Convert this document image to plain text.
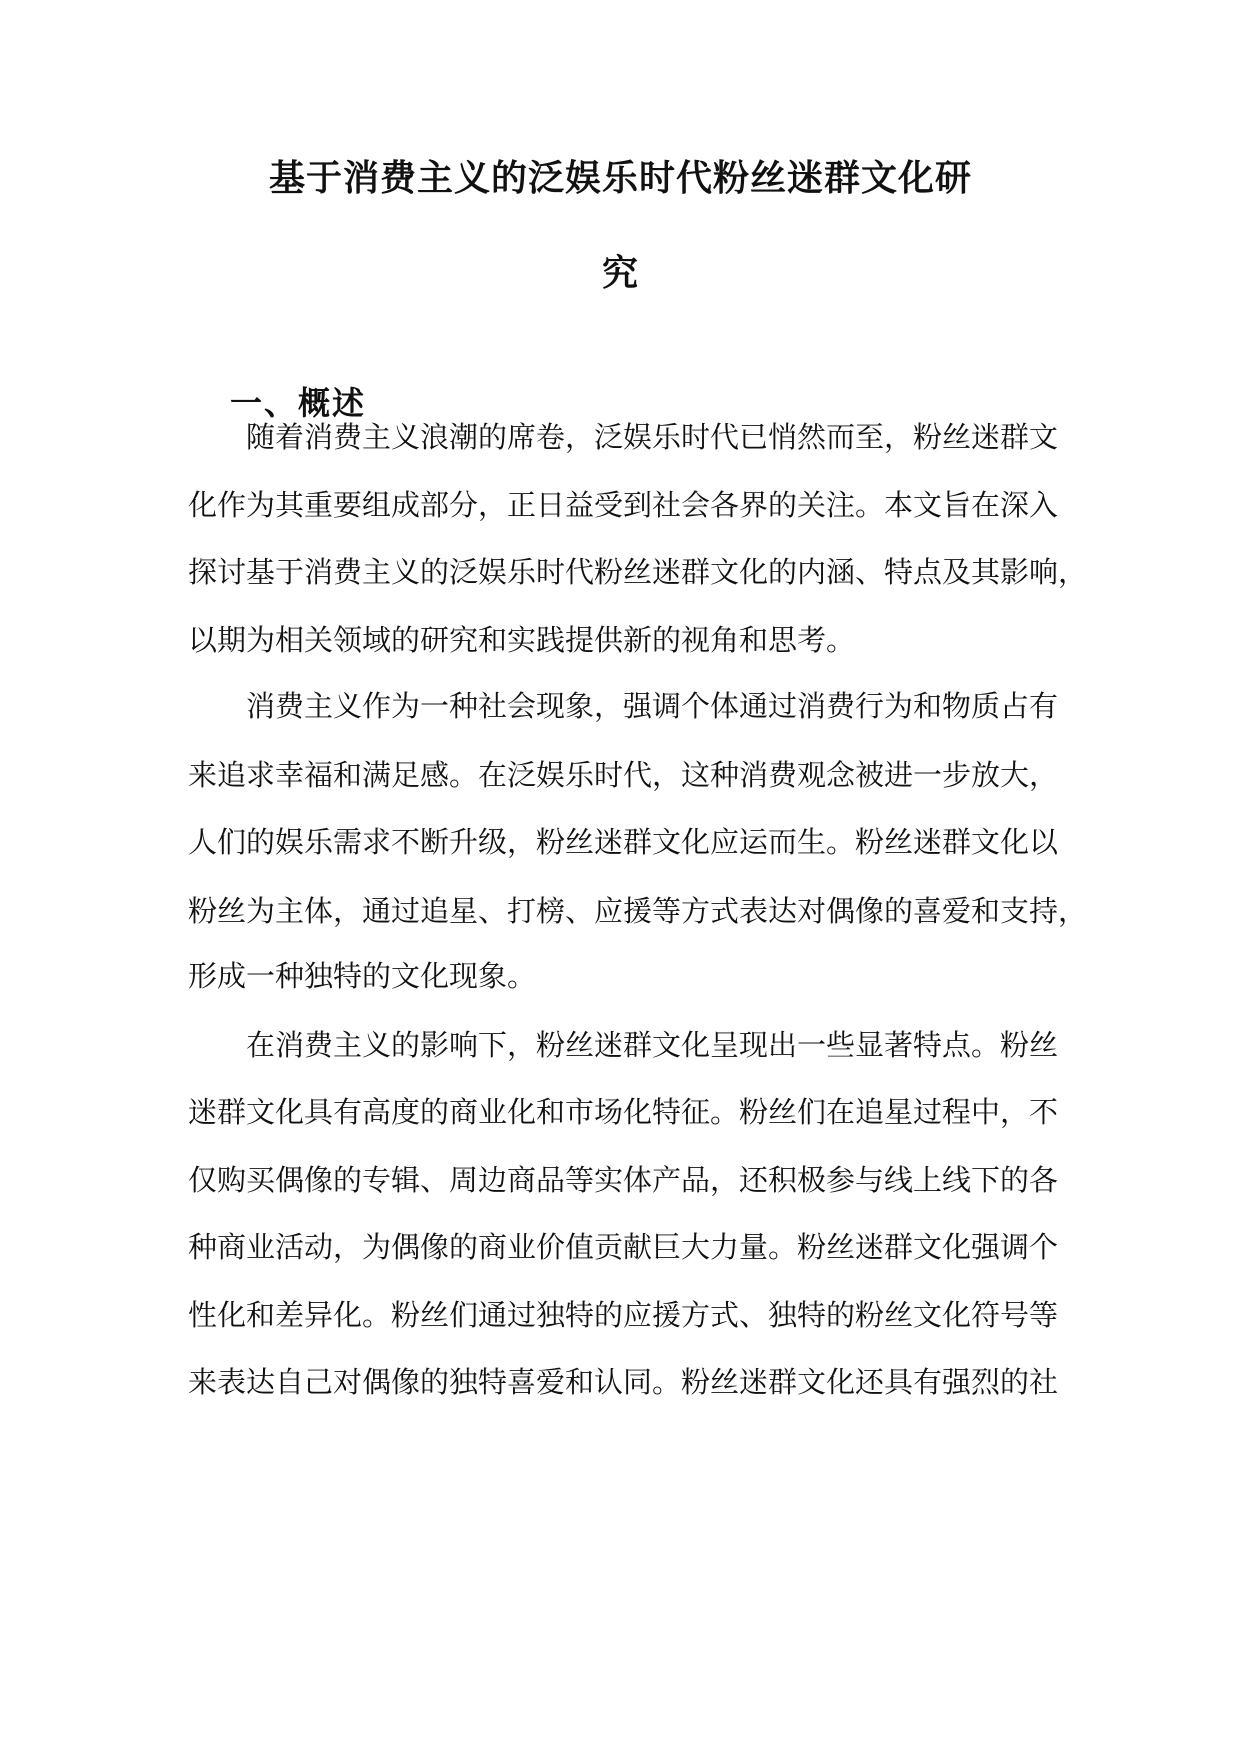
基于消费主义的泛娱乐时代粉丝迷群文化研
究
一、概述

随着消费主义浪潮的席卷，泛娱乐时代已悄然而至，粉丝迷群文

化作为其重要组成部分，正日益受到社会各界的关注。本文旨在深入

探讨基于消费主义的泛娱乐时代粉丝迷群文化的内涵、特点及其影响，

以期为相关领域的研究和实践提供新的视角和思考。

消费主义作为一种社会现象，强调个体通过消费行为和物质占有

来追求幸福和满足感。在泛娱乐时代，这种消费观念被进一步放大，

人们的娱乐需求不断升级，粉丝迷群文化应运而生。粉丝迷群文化以

粉丝为主体，通过追星、打榜、应援等方式表达对偶像的喜爱和支持，

形成一种独特的文化现象。

在消费主义的影响下，粉丝迷群文化呈现出一些显著特点。粉丝

迷群文化具有高度的商业化和市场化特征。粉丝们在追星过程中，不

仅购买偶像的专辑、周边商品等实体产品，还积极参与线上线下的各

种商业活动，为偶像的商业价值贡献巨大力量。粉丝迷群文化强调个

性化和差异化。粉丝们通过独特的应援方式、独特的粉丝文化符号等

来表达自己对偶像的独特喜爱和认同。粉丝迷群文化还具有强烈的社
